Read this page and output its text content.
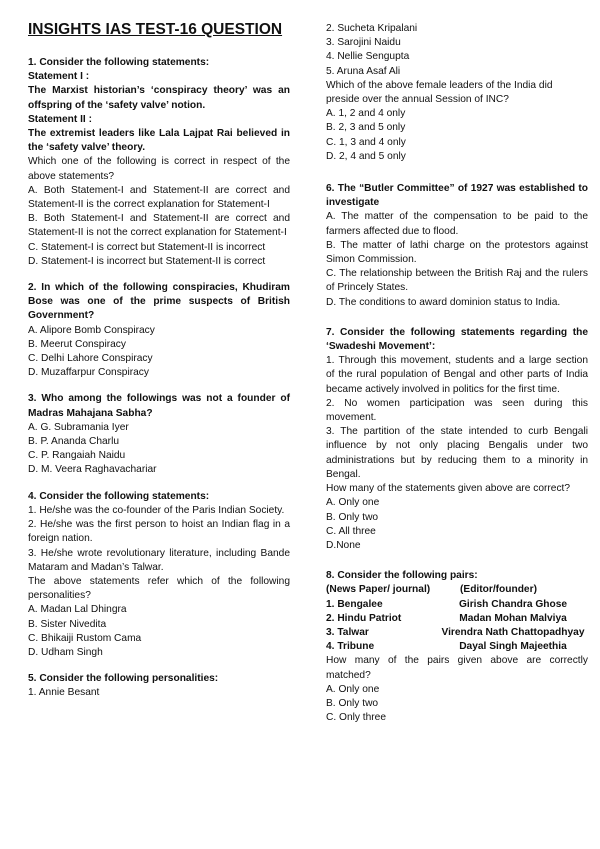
INSIGHTS IAS TEST-16 QUESTION
1. Consider the following statements:
Statement I :
The Marxist historian’s ‘conspiracy theory’ was an offspring of the ‘safety valve’ notion.
Statement II :
The extremist leaders like Lala Lajpat Rai believed in the ‘safety valve’ theory.
Which one of the following is correct in respect of the above statements?
A. Both Statement-I and Statement-II are correct and Statement-II is the correct explanation for Statement-I
B. Both Statement-I and Statement-II are correct and Statement-II is not the correct explanation for Statement-I
C. Statement-I is correct but Statement-II is incorrect
D. Statement-I is incorrect but Statement-II is correct
2. In which of the following conspiracies, Khudiram Bose was one of the prime suspects of British Government?
A. Alipore Bomb Conspiracy
B. Meerut Conspiracy
C. Delhi Lahore Conspiracy
D. Muzaffarpur Conspiracy
3. Who among the followings was not a founder of Madras Mahajana Sabha?
A. G. Subramania Iyer
B. P. Ananda Charlu
C. P. Rangaiah Naidu
D. M. Veera Raghavachariar
4. Consider the following statements:
1. He/she was the co-founder of the Paris Indian Society.
2. He/she was the first person to hoist an Indian flag in a foreign nation.
3. He/she wrote revolutionary literature, including Bande Mataram and Madan’s Talwar.
The above statements refer which of the following personalities?
A. Madan Lal Dhingra
B. Sister Nivedita
C. Bhikaiji Rustom Cama
D. Udham Singh
5. Consider the following personalities:
1. Annie Besant
2. Sucheta Kripalani
3. Sarojini Naidu
4. Nellie Sengupta
5. Aruna Asaf Ali
Which of the above female leaders of the India did preside over the annual Session of INC?
A. 1, 2 and 4 only
B. 2, 3 and 5 only
C. 1, 3 and 4 only
D. 2, 4 and 5 only
6. The “Butler Committee” of 1927 was established to investigate
A. The matter of the compensation to be paid to the farmers affected due to flood.
B. The matter of lathi charge on the protestors against Simon Commission.
C. The relationship between the British Raj and the rulers of Princely States.
D. The conditions to award dominion status to India.
7. Consider the following statements regarding the ‘Swadeshi Movement’:
1. Through this movement, students and a large section of the rural population of Bengal and other parts of India became actively involved in politics for the first time.
2. No women participation was seen during this movement.
3. The partition of the state intended to curb Bengali influence by not only placing Bengalis under two administrations but by reducing them to a minority in Bengal.
How many of the statements given above are correct?
A. Only one
B. Only two
C. All three
D.None
8. Consider the following pairs:
(News Paper/ journal)	(Editor/founder)
1. Bengalee	Girish Chandra Ghose
2. Hindu Patriot	Madan Mohan Malviya
3. Talwar	Virendra Nath Chattopadhyay
4. Tribune	Dayal Singh Majeethia
How many of the pairs given above are correctly matched?
A. Only one
B. Only two
C. Only three
